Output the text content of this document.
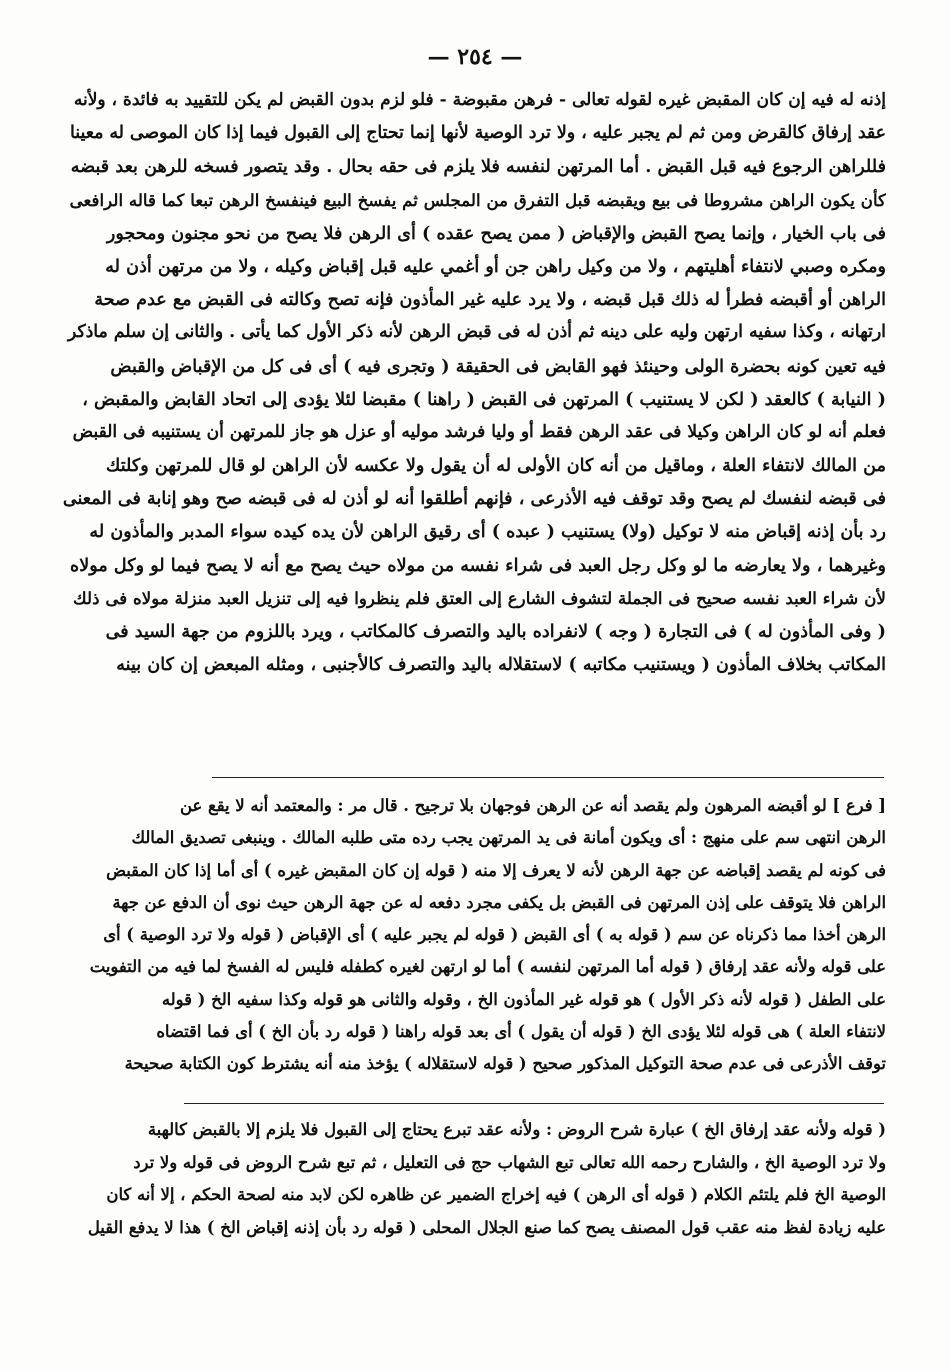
— ٢٥٤ —
إذنه له فيه إن كان المقبض غيره لقوله تعالى - فرهن مقبوضة - فلو لزم بدون القبض لم يكن للتقييد به فائدة ، ولأنه
عقد إرفاق كالقرض ومن ثم لم يجبر عليه ، ولا ترد الوصية لأنها إنما تحتاج إلى القبول فيما إذا كان الموصى له معينا
فللراهن الرجوع فيه قبل القبض . أما المرتهن لنفسه فلا يلزم فى حقه بحال . وقد يتصور فسخه للرهن بعد قبضه
كأن يكون الراهن مشروطا فى بيع ويقبضه قبل التفرق من المجلس ثم يفسخ البيع فينفسخ الرهن تبعا كما قاله الرافعى
فى باب الخيار ، وإنما يصح القبض والإقباض ( ممن يصح عقده ) أى الرهن فلا يصح من نحو مجنون ومحجور
ومكره وصبي لانتفاء أهليتهم ، ولا من وكيل راهن جن أو أغمي عليه قبل إقباض وكيله ، ولا من مرتهن أذن له
الراهن أو أقبضه فطرأ له ذلك قبل قبضه ، ولا يرد عليه غير المأذون فإنه تصح وكالته فى القبض مع عدم صحة
ارتهانه ، وكذا سفيه ارتهن وليه على دينه ثم أذن له فى قبض الرهن لأنه ذكر الأول كما يأتى . والثانى إن سلم ماذكر
فيه تعين كونه بحضرة الولى وحينئذ فهو القابض فى الحقيقة ( وتجرى فيه ) أى فى كل من الإقباض والقبض
( النيابة ) كالعقد ( لكن لا يستنيب ) المرتهن فى القبض ( راهنا ) مقبضا لئلا يؤدى إلى اتحاد القابض والمقبض ،
فعلم أنه لو كان الراهن وكيلا فى عقد الرهن فقط أو وليا فرشد موليه أو عزل هو جاز للمرتهن أن يستنيبه فى القبض
من المالك لانتفاء العلة ، وماقيل من أنه كان الأولى له أن يقول ولا عكسه لأن الراهن لو قال للمرتهن وكلتك
فى قبضه لنفسك لم يصح وقد توقف فيه الأذرعى ، فإنهم أطلقوا أنه لو أذن له فى قبضه صح وهو إنابة فى المعنى
رد بأن إذنه إقباض منه لا توكيل (ولا) يستنيب ( عبده ) أى رقيق الراهن لأن يده كيده سواء المدبر والمأذون له
وغيرهما ، ولا يعارضه ما لو وكل رجل العبد فى شراء نفسه من مولاه حيث يصح مع أنه لا يصح فيما لو وكل مولاه
لأن شراء العبد نفسه صحيح فى الجملة لتشوف الشارع إلى العتق فلم ينظروا فيه إلى تنزيل العبد منزلة مولاه فى ذلك
( وفى المأذون له ) فى التجارة ( وجه ) لانفراده باليد والتصرف كالمكاتب ، ويرد باللزوم من جهة السيد فى
المكاتب بخلاف المأذون ( ويستنيب مكاتبه ) لاستقلاله باليد والتصرف كالأجنبى ، ومثله المبعض إن كان بينه
[ فرع ] لو أقبضه المرهون ولم يقصد أنه عن الرهن فوجهان بلا ترجيح . قال مر : والمعتمد أنه لا يقع عن
الرهن انتهى سم على منهج : أى ويكون أمانة فى يد المرتهن يجب رده متى طلبه المالك . وينبغى تصديق المالك
فى كونه لم يقصد إقباضه عن جهة الرهن لأنه لا يعرف إلا منه ( قوله إن كان المقبض غيره ) أى أما إذا كان المقبض
الراهن فلا يتوقف على إذن المرتهن فى القبض بل يكفى مجرد دفعه له عن جهة الرهن حيث نوى أن الدفع عن جهة
الرهن أخذا مما ذكرناه عن سم ( قوله به ) أى القبض ( قوله لم يجبر عليه ) أى الإقباض ( قوله ولا ترد الوصية ) أى
على قوله ولأنه عقد إرفاق ( قوله أما المرتهن لنفسه ) أما لو ارتهن لغيره كطفله فليس له الفسخ لما فيه من التفويت
على الطفل ( قوله لأنه ذكر الأول ) هو قوله غير المأذون الخ ، وقوله والثانى هو قوله وكذا سفيه الخ ( قوله
لانتفاء العلة ) هى قوله لئلا يؤدى الخ ( قوله أن يقول ) أى بعد قوله راهنا ( قوله رد بأن الخ ) أى فما اقتضاه
توقف الأذرعى فى عدم صحة التوكيل المذكور صحيح ( قوله لاستقلاله ) يؤخذ منه أنه يشترط كون الكتابة صحيحة
( قوله ولأنه عقد إرفاق الخ ) عبارة شرح الروض : ولأنه عقد تبرع يحتاج إلى القبول فلا يلزم إلا بالقبض كالهبة
ولا ترد الوصية الخ ، والشارح رحمه الله تعالى تبع الشهاب حج فى التعليل ، ثم تبع شرح الروض فى قوله ولا ترد
الوصية الخ فلم يلتئم الكلام ( قوله أى الرهن ) فيه إخراج الضمير عن ظاهره لكن لابد منه لصحة الحكم ، إلا أنه كان
عليه زيادة لفظ منه عقب قول المصنف يصح كما صنع الجلال المحلى ( قوله رد بأن إذنه إقباض الخ ) هذا لا يدفع القيل
